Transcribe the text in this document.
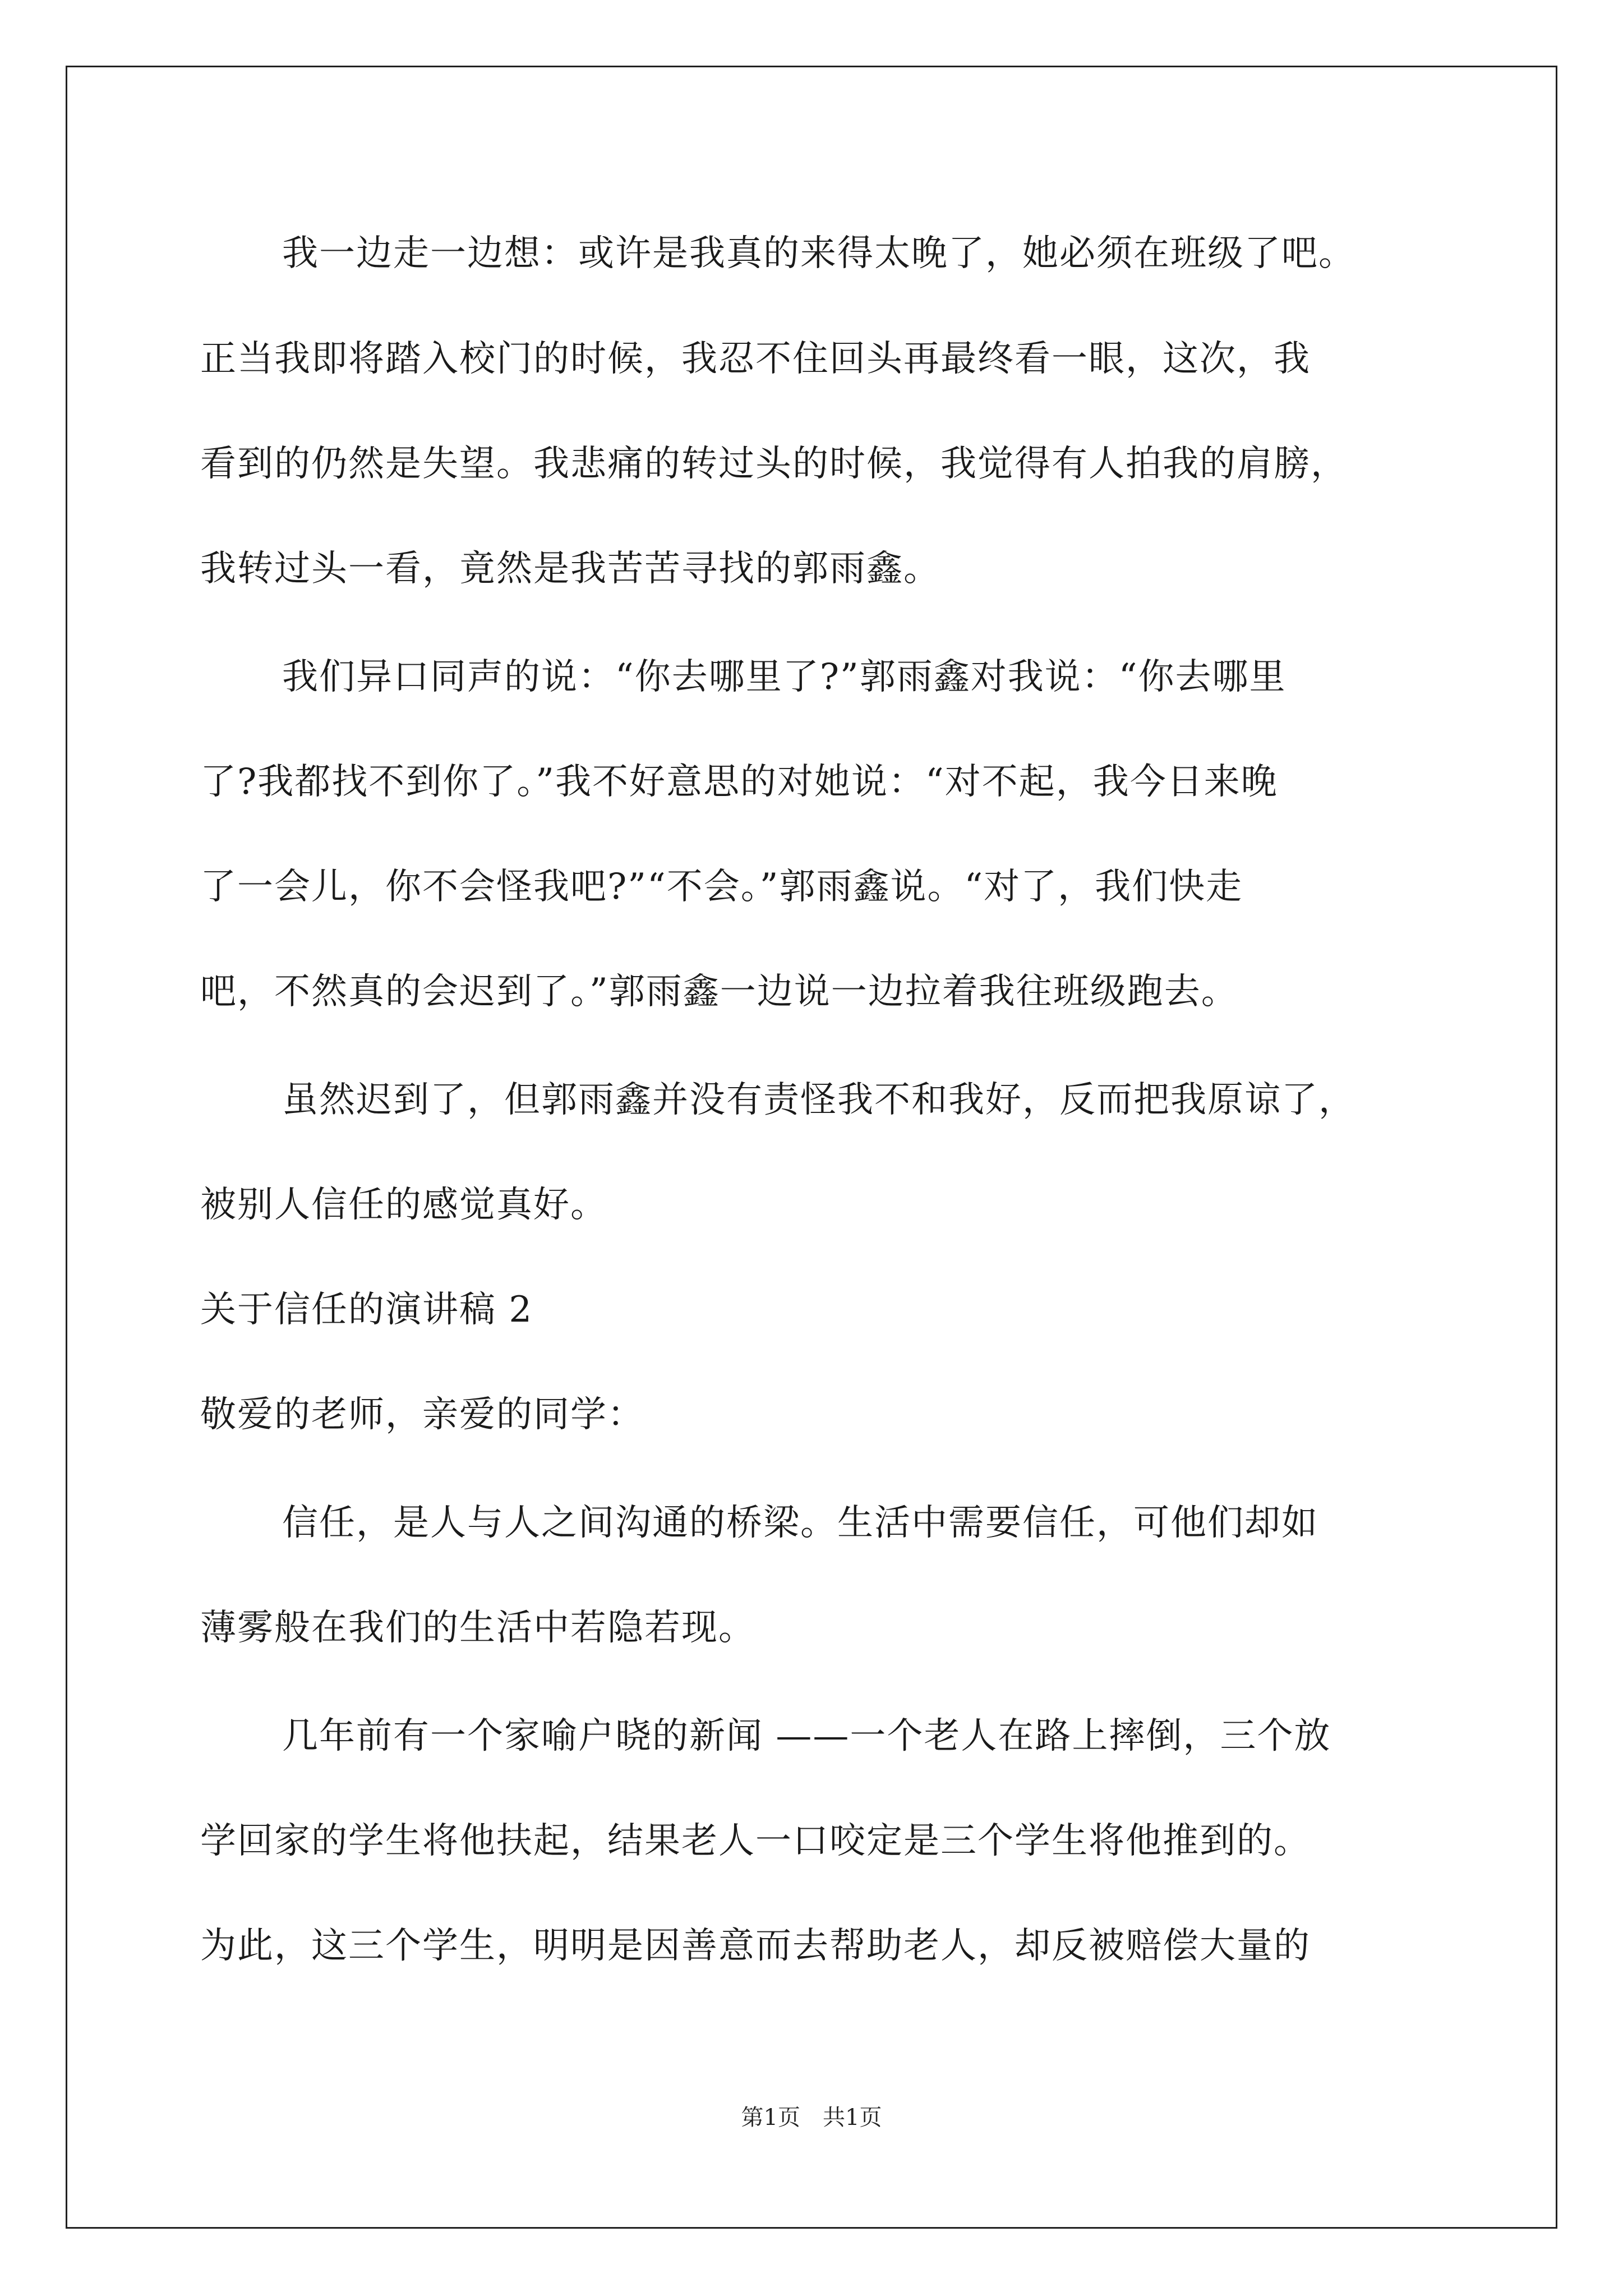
我一边走一边想：或许是我真的来得太晚了，她必须在班级了吧。
正当我即将踏入校门的时候，我忍不住回头再最终看一眼，这次，我
看到的仍然是失望。我悲痛的转过头的时候，我觉得有人拍我的肩膀，
我转过头一看，竟然是我苦苦寻找的郭雨鑫。
我们异口同声的说：“你去哪里了?”郭雨鑫对我说：“你去哪里
了?我都找不到你了。”我不好意思的对她说：“对不起，我今日来晚
了一会儿，你不会怪我吧?”“不会。”郭雨鑫说。“对了，我们快走
吧，不然真的会迟到了。”郭雨鑫一边说一边拉着我往班级跑去。
虽然迟到了，但郭雨鑫并没有责怪我不和我好，反而把我原谅了，
被别人信任的感觉真好。
关于信任的演讲稿 2
敬爱的老师，亲爱的同学：
信任，是人与人之间沟通的桥梁。生活中需要信任，可他们却如
薄雾般在我们的生活中若隐若现。
几年前有一个家喻户晓的新闻 ——一个老人在路上摔倒，三个放
学回家的学生将他扶起，结果老人一口咬定是三个学生将他推到的。
为此，这三个学生，明明是因善意而去帮助老人，却反被赔偿大量的
第1页　共1页
